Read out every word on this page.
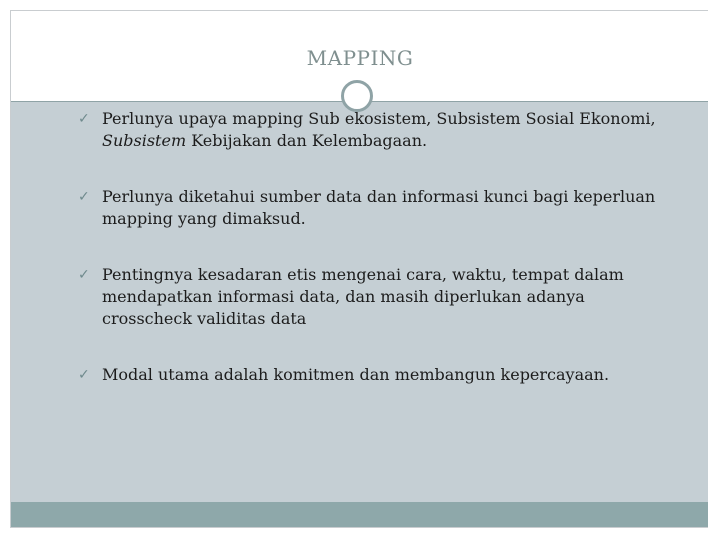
MAPPING
✓ Perlunya upaya mapping Sub ekosistem, Subsistem Sosial Ekonomi, Subsistem Kebijakan dan Kelembagaan.
✓ Perlunya diketahui sumber data dan informasi kunci bagi keperluan mapping yang dimaksud.
✓ Pentingnya kesadaran etis mengenai cara, waktu, tempat dalam mendapatkan informasi data, dan masih diperlukan adanya crosscheck validitas data
✓ Modal utama adalah komitmen dan membangun kepercayaan.
